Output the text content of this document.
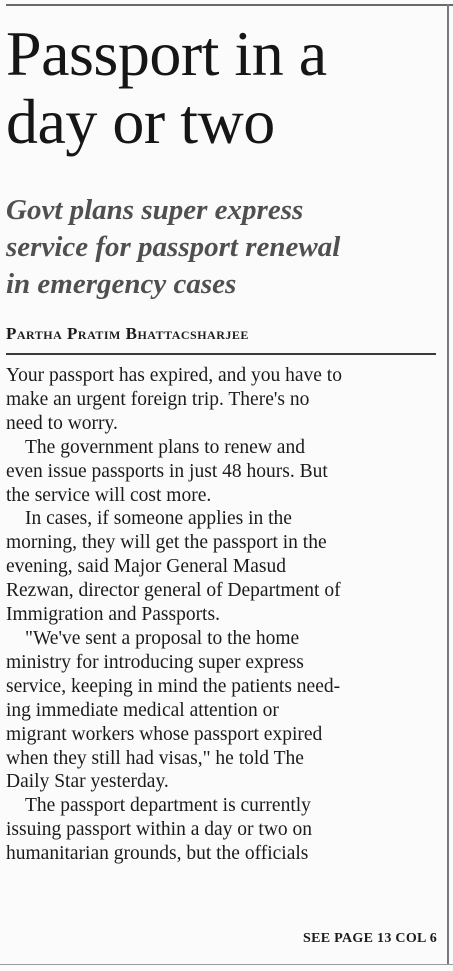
Passport in a
day or two
Govt plans super express
service for passport renewal
in emergency cases

Partha Pratim Bhattacsharjee

Your passport has expired, and you have to
make an urgent foreign trip. There's no
need to worry.

The government plans to renew and
even issue passports in just 48 hours. But
the service will cost more.

In cases, if someone applies in the
morning, they will get the passport in the
evening, said Major General Masud
Rezwan, director general of Department of
Immigration and Passports.

"We've sent a proposal to the home
ministry for introducing super express
service, keeping in mind the patients need-
ing immediate medical attention or
migrant workers whose passport expired
when they still had visas," he told The
Daily Star yesterday.

The passport department is currently
issuing passport within a day or two on
humanitarian grounds, but the officials

SEE PAGE 13 COL 6
